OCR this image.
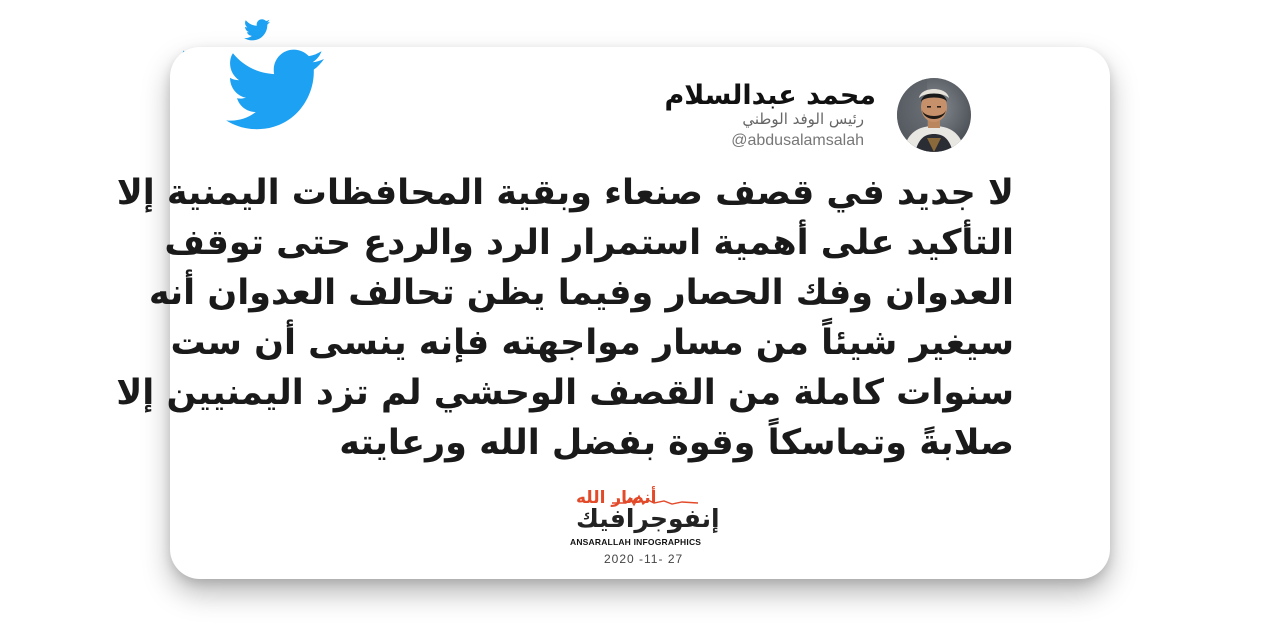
محمد عبدالسلام
رئيس الوفد الوطني
@abdusalamsalah
لا جديد في قصف صنعاء وبقية المحافظات اليمنية إلا
التأكيد على أهمية استمرار الرد والردع حتى توقف
العدوان وفك الحصار وفيما يظن تحالف العدوان أنه
سيغير شيئاً من مسار مواجهته فإنه ينسى أن ست
سنوات كاملة من القصف الوحشي لم تزد اليمنيين إلا
صلابةً وتماسكاً وقوة بفضل الله ورعايته
أنصار الله
إنفوجرافيك
ANSARALLAH INFOGRAPHICS
2020 -11- 27
